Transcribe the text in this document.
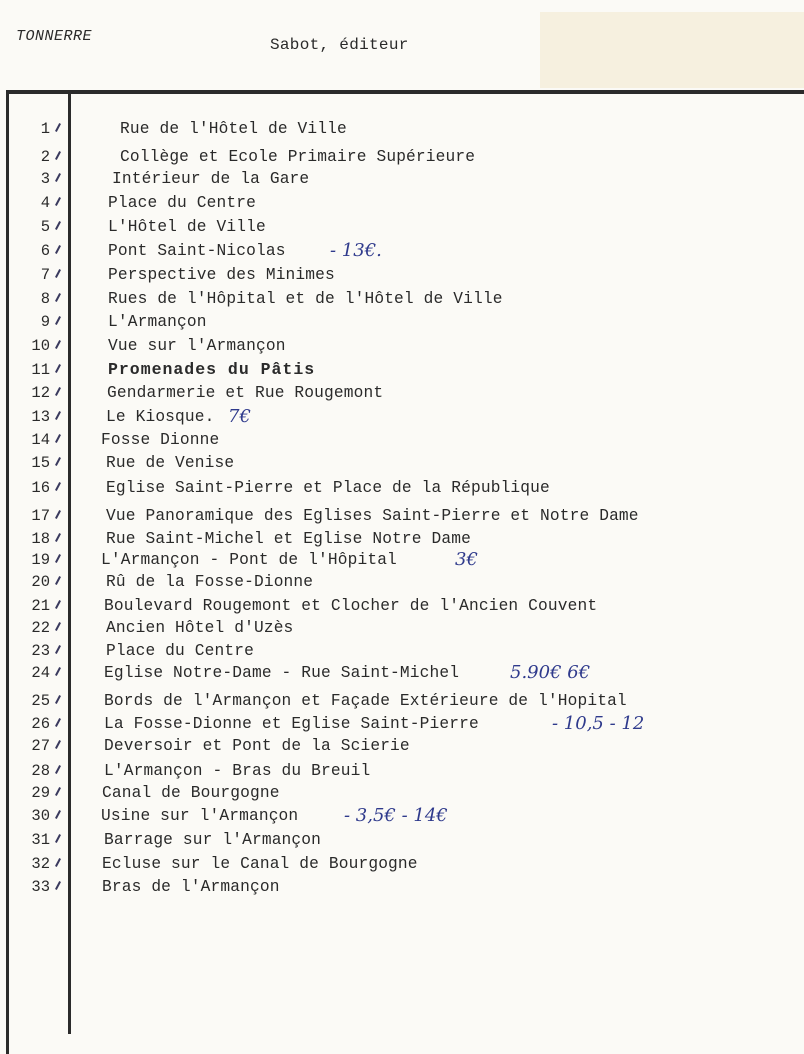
TONNERRE	Sabot, éditeur
1	Rue de l'Hôtel de Ville
2	Collège et Ecole Primaire Supérieure
3	Intérieur de la Gare
4	Place du Centre
5	L'Hôtel de Ville
6	Pont Saint-Nicolas - 13€.
7	Perspective des Minimes
8	Rues de l'Hôpital et de l'Hôtel de Ville
9	L'Armançon
10	Vue sur l'Armançon
11	Promenades du Pâtis
12	Gendarmerie et Rue Rougemont
13	Le Kiosque. 7€
14	Fosse Dionne
15	Rue de Venise
16	Eglise Saint-Pierre et Place de la République
17	Vue Panoramique des Eglises Saint-Pierre et Notre Dame
18	Rue Saint-Michel et Eglise Notre Dame
19	L'Armançon - Pont de l'Hôpital	3€
20	Rû de la Fosse-Dionne
21	Boulevard Rougemont et Clocher de l'Ancien Couvent
22	Ancien Hôtel d'Uzès
23	Place du Centre
24	Eglise Notre-Dame - Rue Saint-Michel	5.90€ 6€
25	Bords de l'Armançon et Façade Extérieure de l'Hopital
26	La Fosse-Dionne et Eglise Saint-Pierre	- 10,5 - 12
27	Deversoir et Pont de la Scierie
28	L'Armançon - Bras du Breuil
29	Canal de Bourgogne
30	Usine sur l'Armançon	- 3,5€ - 14€
31	Barrage sur l'Armançon
32	Ecluse sur le Canal de Bourgogne
33	Bras de l'Armançon
